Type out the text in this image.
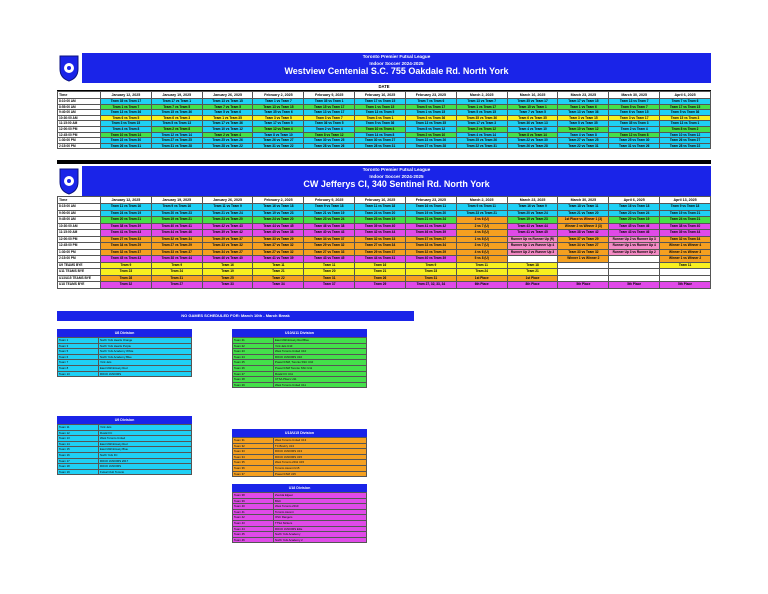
Toronto Premier Futsal League
Indoor Soccer 2024-2025
Westview Centenial S.C. 755 Oakdale Rd. North York
DATE
Time	January 12, 2025	January 19, 2025	January 26, 2025	February 2, 2025	February 9, 2025	February 16, 2025	February 23, 2025	March 2, 2025	March 16, 2025	March 23, 2025	March 30, 2025	April 6, 2025
8:10:00 AM	Team 35 vs Team 17	Team 17 vs Team 1	Team 13 vs Team 15	Team 1 vs Team 7	Team 35 vs Team 1	Team 17 vs Team 15	Team 7 vs Team 6	Team 13 vs Team 7	Team 35 vs Team 17	Team 17 vs Team 15	Team 13 vs Team 7	Team 7 vs Team 6
8:55:00 AM	Team 1 vs Team 7	Team 7 vs Team 5	Team 7 vs Team 5	Team 13 vs Team 15	Team 15 vs Team 17	Team 1 vs Team 15	Team 5 vs Team 17	Team 1 vs Team 17	Team 15 vs Team 1	Team 1 vs Team 6	Team 5 vs Team 7	Team 17 vs Team 15
9:40:00 AM	Team 13 vs Team 36	Team 15 vs Team 36	Team 5 vs Team 6	Team 35 vs Team 6	Team 13 vs Team 17	Team 13 vs Team 5	Team 1 vs Team 15	Team 5 vs Team 15	Team 7 vs Team 5	Team 13 vs Team 36	Team 6 vs Team 15	Team 5 vs Team 36
10:30:00 AM	Team 6 vs Team 5	Team 6 vs Team 3	Team 1 vs Team 35	Team 3 vs Team 5	Team 3 vs Team 7	Team 3 vs Team 1	Team 3 vs Team 36	Team 35 vs Team 36	Team 6 vs Team 35	Team 3 vs Team 15	Team 3 vs Team 17	Team 15 vs Team 3
11:15:00 AM	Team 3 vs Team 15	Team 5 vs Team 13	Team 17 vs Team 36	Team 17 vs Team 5	Team 36 vs Team 5	Team 5 vs Team 36	Team 13 vs Team 35	Team 17 vs Team 3	Team 36 vs Team 13	Team 5 vs Team 35	Team 35 vs Team 3	Team 13 vs Team 1
12:00:00 PM	Team 4 vs Team 8	Team 2 vs Team 8	Team 10 vs Team 12	Team 12 vs Team 4	Team 2 vs Team 4	Team 10 vs Team 4	Team 8 vs Team 12	Team 2 vs Team 12	Team 4 vs Team 10	Team 10 vs Team 12	Team 2 vs Team 4	Team 8 vs Team 2
12:45:00 PM	Team 10 vs Team 14	Team 12 vs Team 14	Team 2 vs Team 4	Team 8 vs Team 10	Team 8 vs Team 12	Team 14 vs Team 8	Team 2 vs Team 10	Team 4 vs Team 14	Team 8 vs Team 14	Team 4 vs Team 8	Team 12 vs Team 8	Team 10 vs Team 12
1:30:00 PM	Team 22 vs Team 30	Team 27 vs Team 25	Team 25 vs Team 26	Team 26 vs Team 27	Team 30 vs Team 25	Team 30 vs Team 27	Team 22 vs Team 26	Team 25 vs Team 26	Team 22 vs Team 30	Team 27 vs Team 25	Team 25 vs Team 30	Team 26 vs Team 27
2:15:00 PM	Team 26 vs Team 31	Team 31 vs Team 28	Team 28 vs Team 22	Team 31 vs Team 22	Team 28 vs Team 26	Team 28 vs Team 31	Team 27 vs Team 28	Team 22 vs Team 31	Team 26 vs Team 28	Team 22 vs Team 31	Team 31 vs Team 26	Team 28 vs Team 22
Toronto Premier Futsal League
Indoor Soccer 2024-2025
CW Jefferys CI, 340 Sentinel Rd. North York
Time	January 12, 2025	January 19, 2025	January 26, 2025	February 2, 2025	February 9, 2025	February 16, 2025	February 23, 2025	March 2, 2025	March 23, 2025	March 30, 2025	April 6, 2025	April 13, 2025
8:15:00 AM	Team 11 vs Team 16	Team 9 vs Team 16	Team 11 vs Team 9	Team 16 vs Team 18	Team 9 vs Team 18	Team 11 vs Team 18	Team 16 vs Team 11	Team 9 vs Team 11	Team 16 vs Team 9	Team 18 vs Team 11	Team 16 vs Team 18	Team 9 vs Team 18
9:00:00 AM	Team 24 vs Team 19	Team 20 vs Team 23	Team 21 vs Team 24	Team 19 vs Team 23	Team 21 vs Team 19	Team 24 vs Team 20	Team 19 vs Team 20	Team 23 vs Team 21	Team 20 vs Team 24	Team 21 vs Team 20	Team 23 vs Team 24	Team 19 vs Team 21
9:45:00 AM	Team 20 vs Team 21	Team 19 vs Team 21	Team 23 vs Team 20	Team 24 vs Team 20	Team 23 vs Team 24	Team 23 vs Team 19	Team 21 vs Team 24	3 vs 6 (U)	Team 19 vs Team 23	1st Place vs Winner 1 (3)	Team 20 vs Team 19	Team 24 vs Team 21
10:30:00 AM	Team 38 vs Team 39	Team 40 vs Team 41	Team 42 vs Team 43	Team 44 vs Team 45	Team 46 vs Team 38	Team 39 vs Team 40	Team 41 vs Team 42	2 vs 7 (U)	Team 43 vs Team 44	Winner 2 vs Winner 3 (3)	Team 45 vs Team 46	Team 38 vs Team 40
11:15:00 AM	Team 41 vs Team 43	Team 44 vs Team 46	Team 39 vs Team 42	Team 45 vs Team 38	Team 40 vs Team 43	Team 42 vs Team 44	Team 46 vs Team 39	4 vs 5 (U)	Team 41 vs Team 45	Team 38 vs Team 42	Team 43 vs Team 46	Team 39 vs Team 44
12:00:00 PM	Team 27 vs Team 33	Team 32 vs Team 34	Team 29 vs Team 37	Team 33 vs Team 29	Team 34 vs Team 37	Team 32 vs Team 33	Team 37 vs Team 27	1 vs 8 (U)	Runner Up vs Runner Up (R)	Team 37 vs Team 29	Runner Up 2 vs Runner Up 3	Team 32 vs Team 34
12:45:00 PM	Team 34 vs Team 29	Team 27 vs Team 29	Team 33 vs Team 32	Team 37 vs Team 32	Team 29 vs Team 32	Team 27 vs Team 34	Team 33 vs Team 34	3 vs 7 (U)	Runner Up 1 vs Runner Up 4	Team 34 vs Team 27	Runner Up 1 vs Runner Up 4	Winner 1 vs Winner 4
1:30:00 PM	Team 32 vs Team 37	Team 33 vs Team 37	Team 34 vs Team 27	Team 27 vs Team 32	Team 27 vs Team 33	Team 29 vs Team 37	Team 32 vs Team 29	4 vs 6 (U)	Runner Up 2 vs Runner Up 3	Team 33 vs Team 32	Runner Up 3 vs Runner Up 2	Winner 2 vs Winner 3
2:15:00 PM	Team 45 vs Team 43	Team 38 vs Team 44	Team 46 vs Team 40	Team 41 vs Team 39	Team 43 vs Team 45	Team 44 vs Team 41	Team 40 vs Team 39	5 vs 8 (U)		Winner 1 vs Winner 2		Winner 1 vs Winner 2
U9 TEAMS BYE	Team 9	Team 9	Team 16	Team 11	Team 11	Team 16	Team 9	Team 11	Team 18			Team 11
U11 TEAMS BYE	Team 23	Team 24	Team 19	Team 21	Team 20	Team 21	Team 23	Team 24	Team 21			
U13/U15 TEAMS BYE	Team 28	Team 31	Team 25	Team 22	Team 31	Team 26	Team 31	1st Place	1st Place			
U18 TEAMS BYE	Team 32	Team 27	Team 33	Team 34	Team 37	Team 29	Team 27, 32, 33, 34	6th Place	8th Place	5th Place	5th Place	5th Place
NO GAMES SCHEDULED FOR: March 10th - March Break
U8 Division
Team 1	North York Hearts Orange
Team 3	North York Hearts Purple
Team 5	North York Academy White
Team 6	North York Academy Blue
Team 7	York Jets
Team 8	East GWIntimacy Red
Team 13	ROCK JUNIORS
U10/U11 Division
Team 21	East GWIntimacy Red Blue
Team 22	York Jets U10
Team 23	West Toronto United U10
Team 24	ROCK JUNIORS U10
Team 25	Power/CSM, Toronto SSC U10
Team 26	Power/CSM Toronto SSC U11
Team 27	Rustic FC U11
Team 28	CTSA Pikers U11
Team 29	West Toronto United U11
U9 Division
Team 11	York Jets
Team 12	Rustic FC
Team 13	West Toronto United
Team 14	East GWIntimacy Red
Team 15	East GWIntimacy Blue
Team 16	North York FC
Team 17	ROCK JUNIORS 2017
Team 18	ROCK JUNIORS
Team 19	Futsal Club Toronto
U13/U15 Division
Team 31	West Toronto United U13
Team 32	TC Brazzy U13
Team 33	ROCK JUNIORS U13
Team 34	ROCK JUNIORS U15
Team 35	West Toronto 2011 U15
Team 36	Toronto Ascent U15
Team 37	Power/CSM U15
U18 Division
Team 38	Zvezda Elgeet
Team 39	BGC
Team 40	West Toronto 2010
Team 41	Toronto Ascent
Team 42	OSC Rangers
Team 43	TTSA Strikers
Team 44	ROCK JUNIORS Elite
Team 45	North York Academy
Team 46	North York Academy 2
